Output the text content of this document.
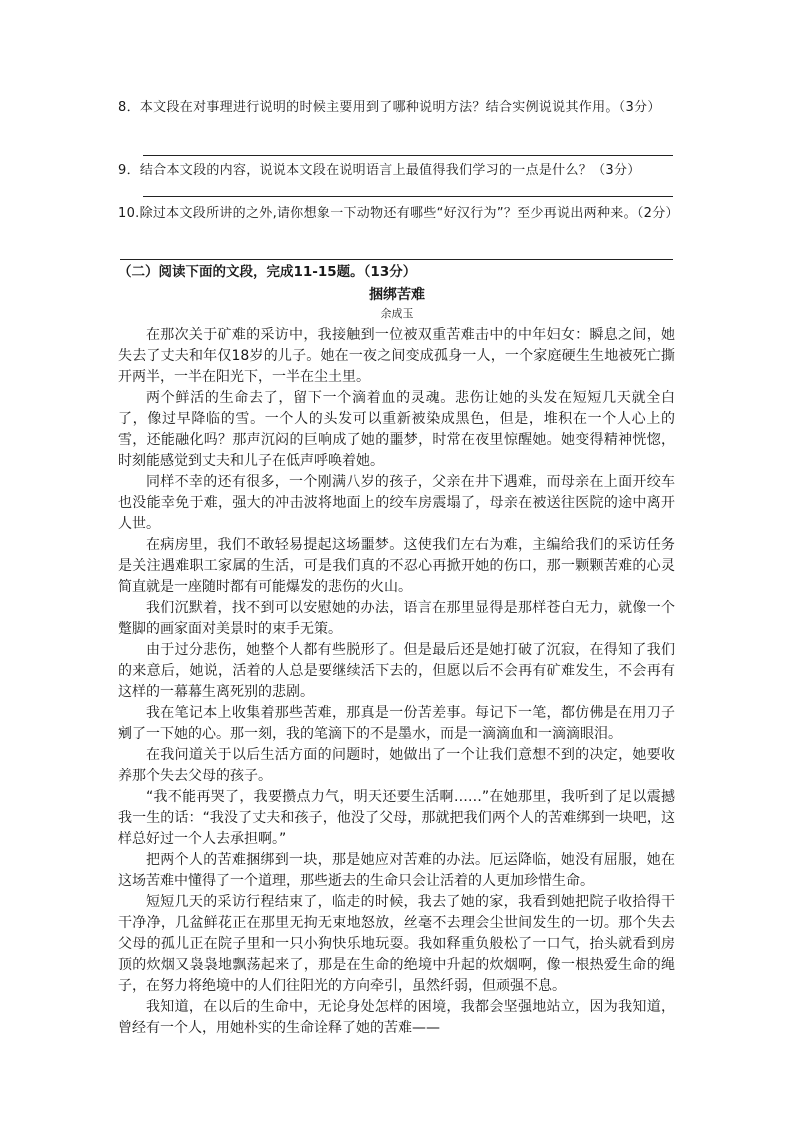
8．本文段在对事理进行说明的时候主要用到了哪种说明方法？结合实例说说其作用。（3分）
9．结合本文段的内容，说说本文段在说明语言上最值得我们学习的一点是什么？（3分）
10.除过本文段所讲的之外,请你想象一下动物还有哪些“好汉行为”？至少再说出两种来。（2分）
（二）阅读下面的文段，完成11-15题。（13分）
捆绑苦难
余成玉

在那次关于矿难的采访中，我接触到一位被双重苦难击中的中年妇女：瞬息之间，她失去了丈夫和年仅18岁的儿子。她在一夜之间变成孤身一人，一个家庭硬生生地被死亡撕开两半，一半在阳光下，一半在尘土里。

两个鲜活的生命去了，留下一个滴着血的灵魂。悲伤让她的头发在短短几天就全白了，像过早降临的雪。一个人的头发可以重新被染成黑色，但是，堆积在一个人心上的雪，还能融化吗？那声沉闷的巨响成了她的噩梦，时常在夜里惊醒她。她变得精神恍惚，时刻能感觉到丈夫和儿子在低声呼唤着她。

同样不幸的还有很多，一个刚满八岁的孩子，父亲在井下遇难，而母亲在上面开绞车也没能幸免于难，强大的冲击波将地面上的绞车房震塌了，母亲在被送往医院的途中离开人世。

在病房里，我们不敢轻易提起这场噩梦。这使我们左右为难，主编给我们的采访任务是关注遇难职工家属的生活，可是我们真的不忍心再掀开她的伤口，那一颗颗苦难的心灵简直就是一座随时都有可能爆发的悲伤的火山。

我们沉默着，找不到可以安慰她的办法，语言在那里显得是那样苍白无力，就像一个蹩脚的画家面对美景时的束手无策。

由于过分悲伤，她整个人都有些脱形了。但是最后还是她打破了沉寂，在得知了我们的来意后，她说，活着的人总是要继续活下去的，但愿以后不会再有矿难发生，不会再有这样的一幕幕生离死别的悲剧。

我在笔记本上收集着那些苦难，那真是一份苦差事。每记下一笔，都仿佛是在用刀子剜了一下她的心。那一刻，我的笔滴下的不是墨水，而是一滴滴血和一滴滴眼泪。

在我问道关于以后生活方面的问题时，她做出了一个让我们意想不到的决定，她要收养那个失去父母的孩子。

“我不能再哭了，我要攒点力气，明天还要生活啊……”在她那里，我听到了足以震撼我一生的话：“我没了丈夫和孩子，他没了父母，那就把我们两个人的苦难绑到一块吧，这样总好过一个人去承担啊。”

把两个人的苦难捆绑到一块，那是她应对苦难的办法。厄运降临，她没有屈服，她在这场苦难中懂得了一个道理，那些逝去的生命只会让活着的人更加珍惜生命。

短短几天的采访行程结束了，临走的时候，我去了她的家，我看到她把院子收拾得干干净净，几盆鲜花正在那里无拘无束地怒放，丝毫不去理会尘世间发生的一切。那个失去父母的孤儿正在院子里和一只小狗快乐地玩耍。我如释重负般松了一口气，抬头就看到房顶的炊烟又袅袅地飘荡起来了，那是在生命的绝境中升起的炊烟啊，像一根热爱生命的绳子，在努力将绝境中的人们往阳光的方向牵引，虽然纤弱，但顽强不息。

我知道，在以后的生命中，无论身处怎样的困境，我都会坚强地站立，因为我知道，曾经有一个人，用她朴实的生命诠释了她的苦难——
